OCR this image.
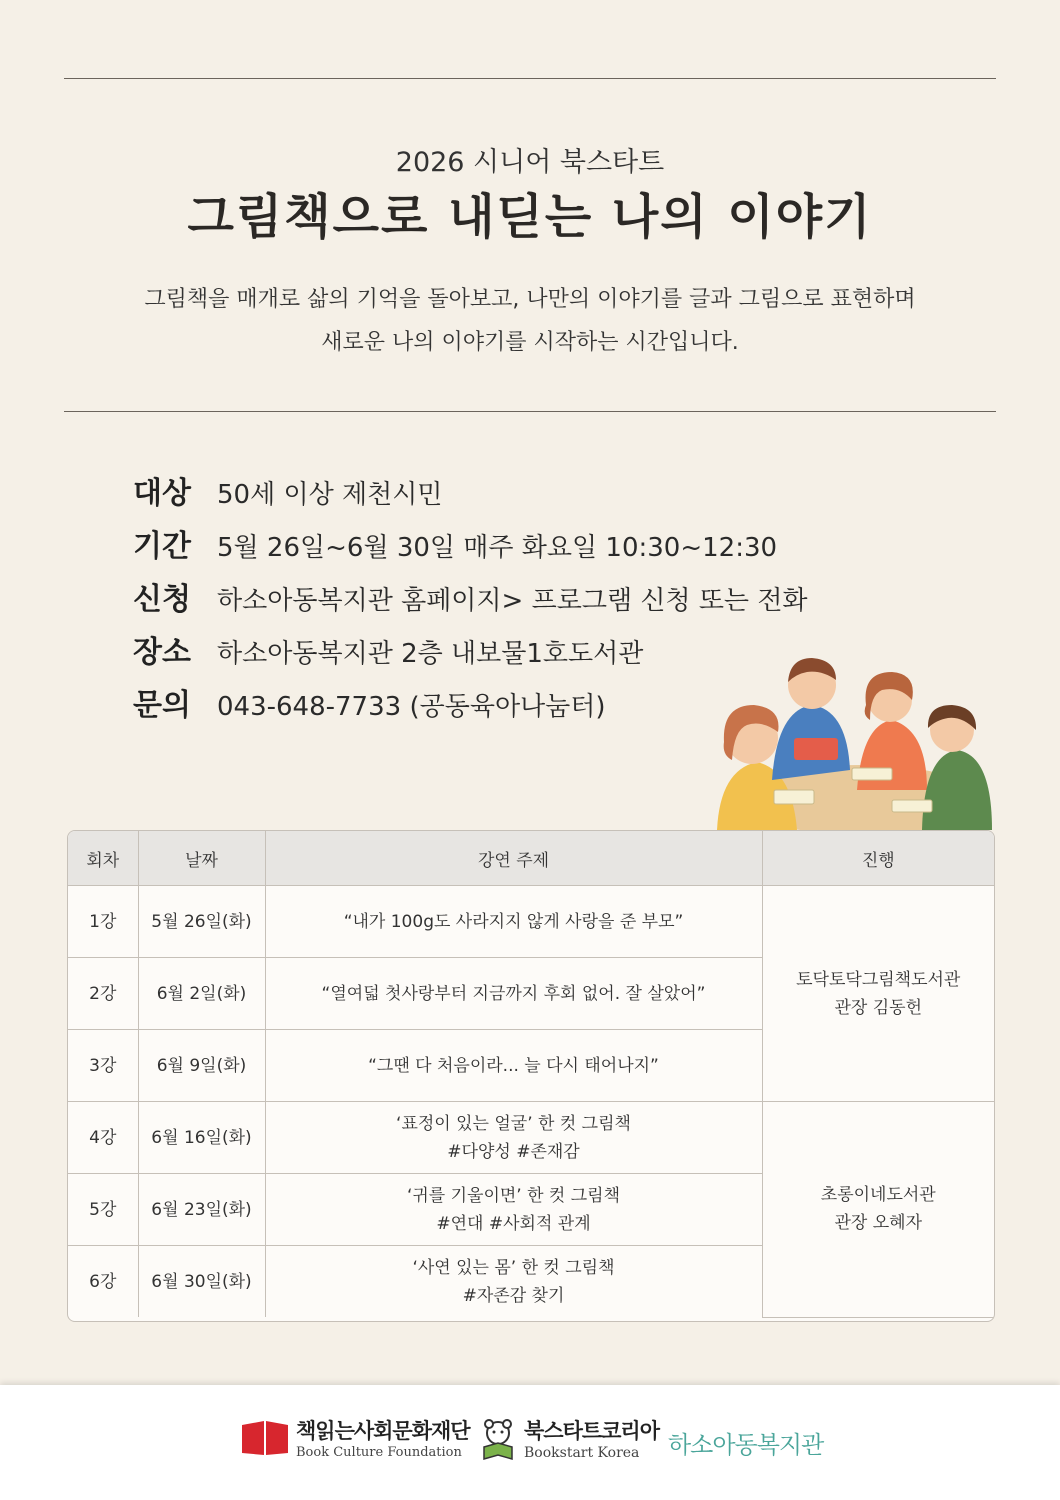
2026 시니어 북스타트
그림책으로 내딛는 나의 이야기
그림책을 매개로 삶의 기억을 돌아보고, 나만의 이야기를 글과 그림으로 표현하며
새로운 나의 이야기를 시작하는 시간입니다.
대상	50세 이상 제천시민
기간	5월 26일~6월 30일 매주 화요일 10:30~12:30
신청	하소아동복지관 홈페이지> 프로그램 신청 또는 전화
장소	하소아동복지관 2층 내보물1호도서관
문의	043-648-7733 (공동육아나눔터)
회차	날짜	강연 주제	진행
1강	5월 26일(화)	“내가 100g도 사라지지 않게 사랑을 준 부모”	토닥토닥그림책도서관
관장 김동헌

2강	6월 2일(화)	“열여덟 첫사랑부터 지금까지 후회 없어. 잘 살았어”	

3강	6월 9일(화)	“그땐 다 처음이라... 늘 다시 태어나지”	

4강	6월 16일(화)	‘표정이 있는 얼굴’ 한 컷 그림책
#다양성 #존재감	초롱이네도서관
관장 오혜자

5강	6월 23일(화)	‘귀를 기울이면’ 한 컷 그림책
#연대 #사회적 관계	

6강	6월 30일(화)	‘사연 있는 몸’ 한 컷 그림책
#자존감 찾기	
책읽는사회문화재단
Book Culture Foundation
북스타트코리아
Bookstart Korea	하소아동복지관
